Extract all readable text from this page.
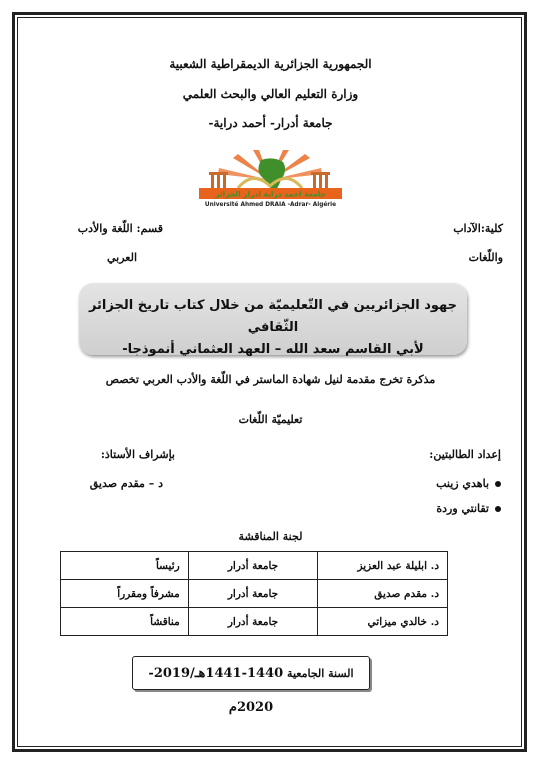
الجمهورية الجزائرية الديمقراطية الشعبية
وزارة التعليم العالي والبحث العلمي
جامعة أدرار- أحمد دراية-
جامعة احمد دراية ادرار الجزائر
Université Ahmed DRAIA -Adrar- Algérie
كلية:الآداب
واللّغات
قسم: اللّغة والأدب
العربي
جهود الجزائريين في التّعليميّة من خلال كتاب تاريخ الجزائر الثّقافي
لأبي القاسم سعد الله – العهد العثماني أنموذجا-
مذكرة تخرج مقدمة لنيل شهادة الماستر في اللّغة والأدب العربي تخصص
تعليميّة اللّغات
إعداد الطالبتين:
باهدي زينب
تقانتي وردة
بإشراف الأستاذ:
د – مقدم صديق
لجنة المناقشة
د. ابليلة عبد العزيز	جامعة أدرار	رئيساً
د. مقدم صديق	جامعة أدرار	مشرفاً ومقرراً
د. خالدي ميزاتي	جامعة أدرار	مناقشاً
السنة الجامعية 1440-1441هـ/2019-2020م
